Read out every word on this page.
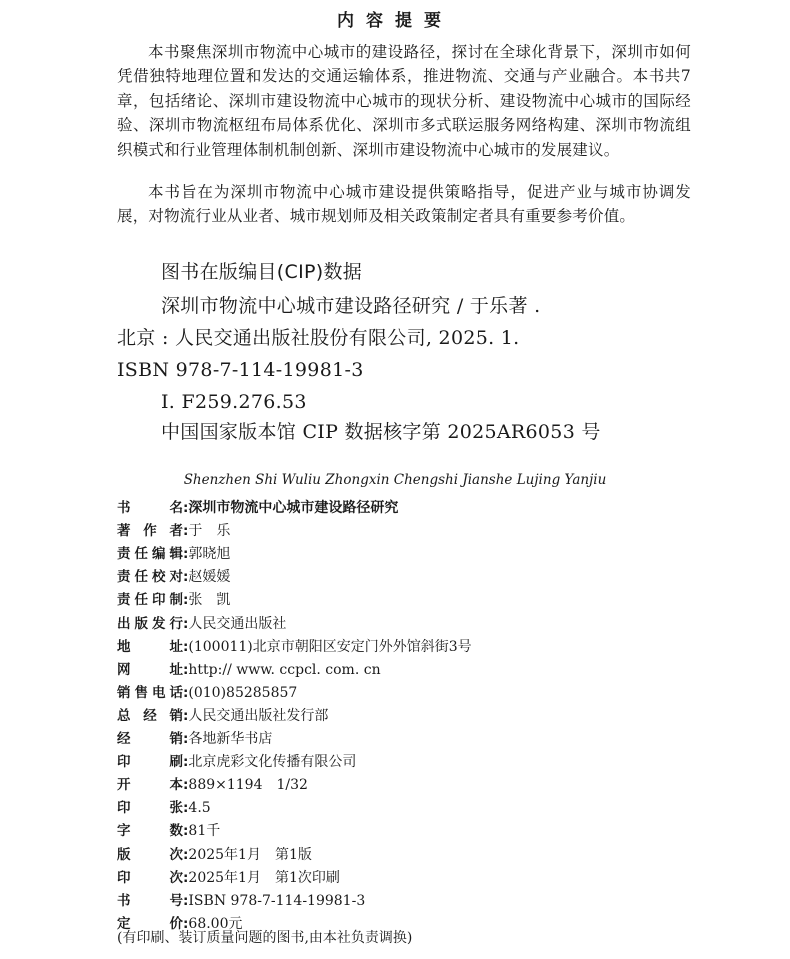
内容提要

本书聚焦深圳市物流中心城市的建设路径，探讨在全球化背景下，深圳市如何凭借独特地理位置和发达的交通运输体系，推进物流、交通与产业融合。本书共7章，包括绪论、深圳市建设物流中心城市的现状分析、建设物流中心城市的国际经验、深圳市物流枢纽布局体系优化、深圳市多式联运服务网络构建、深圳市物流组织模式和行业管理体制机制创新、深圳市建设物流中心城市的发展建议。

本书旨在为深圳市物流中心城市建设提供策略指导，促进产业与城市协调发展，对物流行业从业者、城市规划师及相关政策制定者具有重要参考价值。

图书在版编目(CIP)数据
深圳市物流中心城市建设路径研究 / 于乐著 .
北京 : 人民交通出版社股份有限公司, 2025. 1.
ISBN 978-7-114-19981-3
Ⅰ. F259.276.53
中国国家版本馆 CIP 数据核字第 2025AR6053 号
Shenzhen Shi Wuliu Zhongxin Chengshi Jianshe Lujing Yanjiu
书名:深圳市物流中心城市建设路径研究
著作者:于　乐
责任编辑:郭晓旭
责任校对:赵媛媛
责任印制:张　凯
出版发行:人民交通出版社
地址:(100011)北京市朝阳区安定门外外馆斜街3号
网址:http:// www. ccpcl. com. cn
销售电话:(010)85285857
总经销:人民交通出版社发行部
经销:各地新华书店
印刷:北京虎彩文化传播有限公司
开本:889×1194　1/32
印张:4.5
字数:81千
版次:2025年1月　第1版
印次:2025年1月　第1次印刷
书号:ISBN 978-7-114-19981-3
定价:68.00元
(有印刷、装订质量问题的图书,由本社负责调换)
